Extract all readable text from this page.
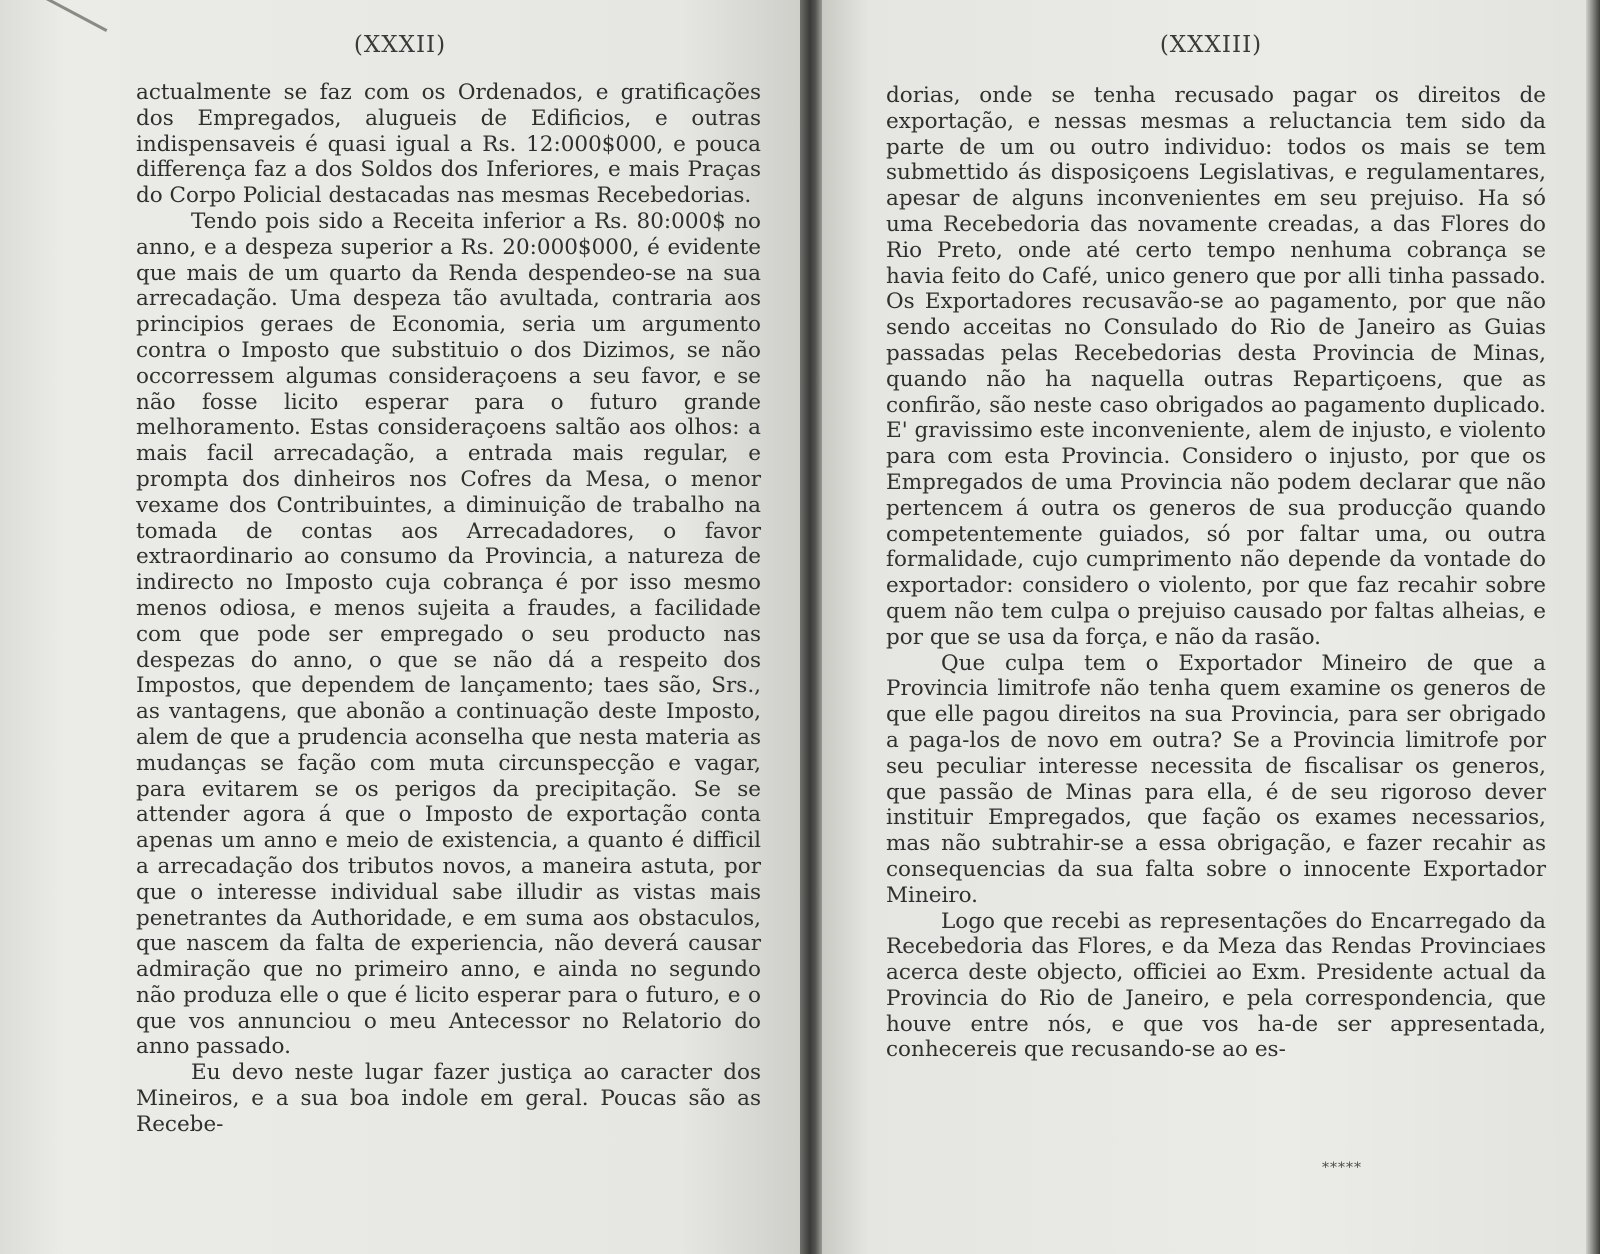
(XXXII)

actualmente se faz com os Ordenados, e gratificações dos Empregados, alugueis de Edificios, e outras indispensaveis é quasi igual a Rs. 12:000$000, e pouca differença faz a dos Soldos dos Inferiores, e mais Praças do Corpo Policial destacadas nas mesmas Recebedorias.

Tendo pois sido a Receita inferior a Rs. 80:000$ no anno, e a despeza superior a Rs. 20:000$000, é evidente que mais de um quarto da Renda despendeo-se na sua arrecadação. Uma despeza tão avultada, contraria aos principios geraes de Economia, seria um argumento contra o Imposto que substituio o dos Dizimos, se não occorressem algumas consideraçoens a seu favor, e se não fosse licito esperar para o futuro grande melhoramento. Estas consideraçoens saltão aos olhos: a mais facil arrecadação, a entrada mais regular, e prompta dos dinheiros nos Cofres da Mesa, o menor vexame dos Contribuintes, a diminuição de trabalho na tomada de contas aos Arrecadadores, o favor extraordinario ao consumo da Provincia, a natureza de indirecto no Imposto cuja cobrança é por isso mesmo menos odiosa, e menos sujeita a fraudes, a facilidade com que pode ser empregado o seu producto nas despezas do anno, o que se não dá a respeito dos Impostos, que dependem de lançamento; taes são, Srs., as vantagens, que abonão a continuação deste Imposto, alem de que a prudencia aconselha que nesta materia as mudanças se fação com muta circunspecção e vagar, para evitarem se os perigos da precipitação. Se se attender agora á que o Imposto de exportação conta apenas um anno e meio de existencia, a quanto é difficil a arrecadação dos tributos novos, a maneira astuta, por que o interesse individual sabe illudir as vistas mais penetrantes da Authoridade, e em suma aos obstaculos, que nascem da falta de experiencia, não deverá causar admiração que no primeiro anno, e ainda no segundo não produza elle o que é licito esperar para o futuro, e o que vos annunciou o meu Antecessor no Relatorio do anno passado.

Eu devo neste lugar fazer justiça ao caracter dos Mineiros, e a sua boa indole em geral. Poucas são as Recebe-

(XXXIII)

dorias, onde se tenha recusado pagar os direitos de exportação, e nessas mesmas a reluctancia tem sido da parte de um ou outro individuo: todos os mais se tem submettido ás disposiçoens Legislativas, e regulamentares, apesar de alguns inconvenientes em seu prejuiso. Ha só uma Recebedoria das novamente creadas, a das Flores do Rio Preto, onde até certo tempo nenhuma cobrança se havia feito do Café, unico genero que por alli tinha passado. Os Exportadores recusavão-se ao pagamento, por que não sendo acceitas no Consulado do Rio de Janeiro as Guias passadas pelas Recebedorias desta Provincia de Minas, quando não ha naquella outras Repartiçoens, que as confirão, são neste caso obrigados ao pagamento duplicado. E' gravissimo este inconveniente, alem de injusto, e violento para com esta Provincia. Considero o injusto, por que os Empregados de uma Provincia não podem declarar que não pertencem á outra os generos de sua producção quando competentemente guiados, só por faltar uma, ou outra formalidade, cujo cumprimento não depende da vontade do exportador: considero o violento, por que faz recahir sobre quem não tem culpa o prejuiso causado por faltas alheias, e por que se usa da força, e não da rasão.

Que culpa tem o Exportador Mineiro de que a Provincia limitrofe não tenha quem examine os generos de que elle pagou direitos na sua Provincia, para ser obrigado a paga-los de novo em outra? Se a Provincia limitrofe por seu peculiar interesse necessita de fiscalisar os generos, que passão de Minas para ella, é de seu rigoroso dever instituir Empregados, que fação os exames necessarios, mas não subtrahir-se a essa obrigação, e fazer recahir as consequencias da sua falta sobre o innocente Exportador Mineiro.

Logo que recebi as representações do Encarregado da Recebedoria das Flores, e da Meza das Rendas Provinciaes acerca deste objecto, officiei ao Exm. Presidente actual da Provincia do Rio de Janeiro, e pela correspondencia, que houve entre nós, e que vos ha-de ser appresentada, conhecereis que recusando-se ao es-

*****
